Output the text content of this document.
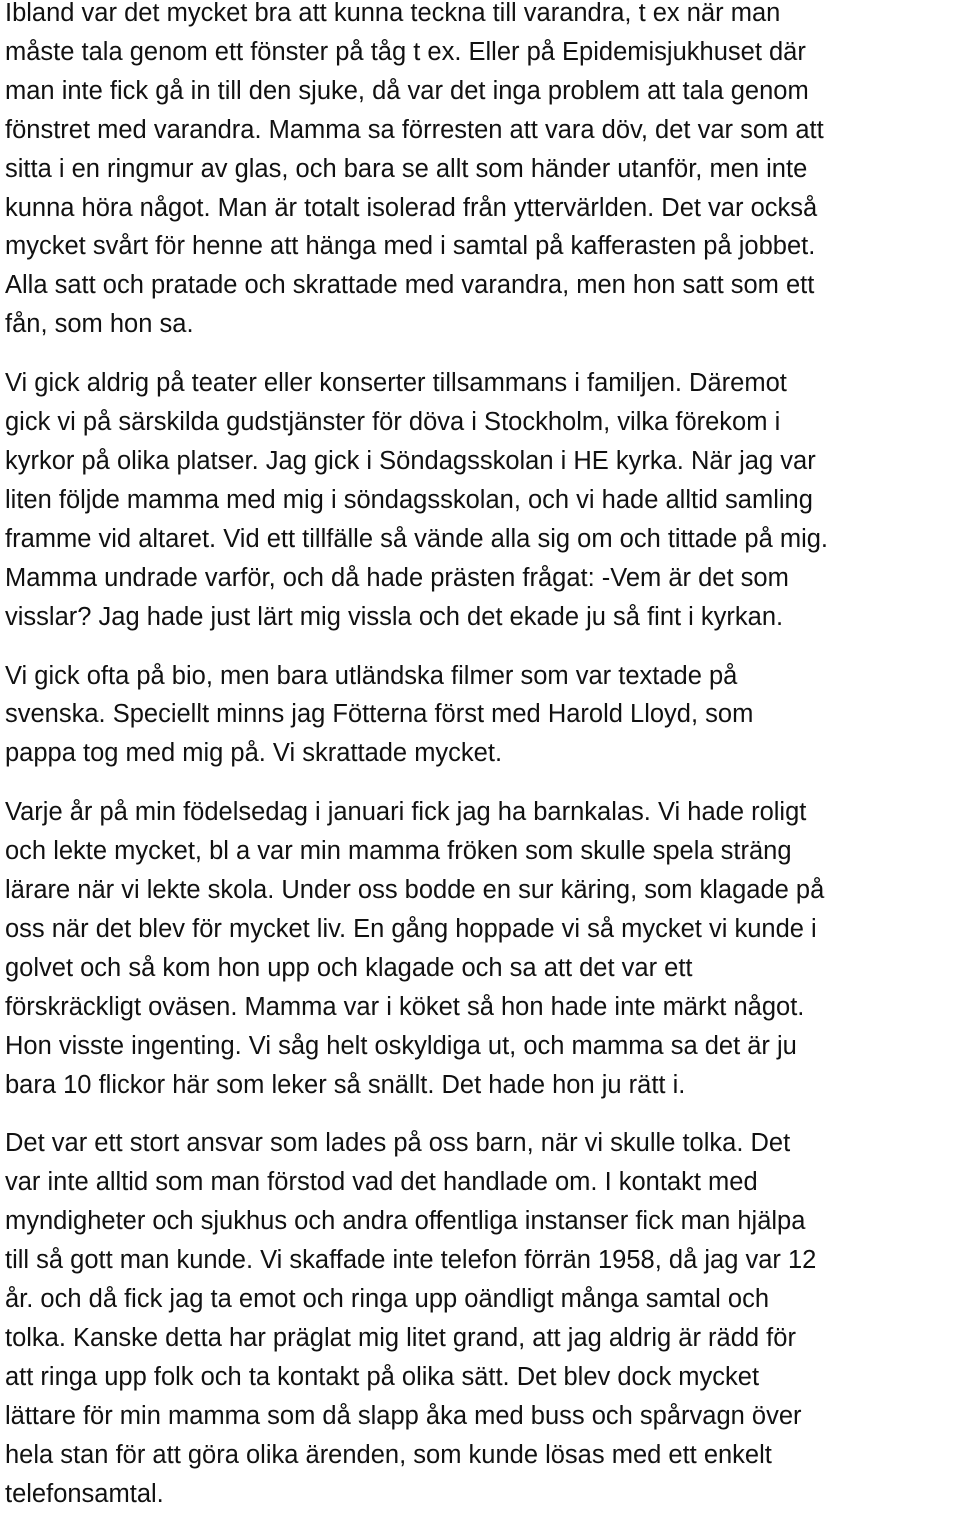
Ibland var det mycket bra att kunna teckna till varandra, t ex när man
måste tala genom ett fönster på tåg t ex. Eller på Epidemisjukhuset där
man inte fick gå in till den sjuke, då var det inga problem att tala genom
fönstret med varandra. Mamma sa förresten att vara döv, det var som att
sitta i en ringmur av glas, och bara se allt som händer utanför, men inte
kunna höra något. Man är totalt isolerad från yttervärlden. Det var också
mycket svårt för henne att hänga med i samtal på kafferasten på jobbet.
Alla satt och pratade och skrattade med varandra, men hon satt som ett
fån, som hon sa.

Vi gick aldrig på teater eller konserter tillsammans i familjen. Däremot
gick vi på särskilda gudstjänster för döva i Stockholm, vilka förekom i
kyrkor på olika platser. Jag gick i Söndagsskolan i HE kyrka. När jag var
liten följde mamma med mig i söndagsskolan, och vi hade alltid samling
framme vid altaret. Vid ett tillfälle så vände alla sig om och tittade på mig.
Mamma undrade varför, och då hade prästen frågat: -Vem är det som
visslar? Jag hade just lärt mig vissla och det ekade ju så fint i kyrkan.

Vi gick ofta på bio, men bara utländska filmer som var textade på
svenska. Speciellt minns jag Fötterna först med Harold Lloyd, som
pappa tog med mig på. Vi skrattade mycket.

Varje år på min födelsedag i januari fick jag ha barnkalas. Vi hade roligt
och lekte mycket, bl a var min mamma fröken som skulle spela sträng
lärare när vi lekte skola. Under oss bodde en sur käring, som klagade på
oss när det blev för mycket liv. En gång hoppade vi så mycket vi kunde i
golvet och så kom hon upp och klagade och sa att det var ett
förskräckligt oväsen. Mamma var i köket så hon hade inte märkt något.
Hon visste ingenting. Vi såg helt oskyldiga ut, och mamma sa det är ju
bara 10 flickor här som leker så snällt. Det hade hon ju rätt i.

Det var ett stort ansvar som lades på oss barn, när vi skulle tolka. Det
var inte alltid som man förstod vad det handlade om. I kontakt med
myndigheter och sjukhus och andra offentliga instanser fick man hjälpa
till så gott man kunde. Vi skaffade inte telefon förrän 1958, då jag var 12
år. och då fick jag ta emot och ringa upp oändligt många samtal och
tolka. Kanske detta har präglat mig litet grand, att jag aldrig är rädd för
att ringa upp folk och ta kontakt på olika sätt. Det blev dock mycket
lättare för min mamma som då slapp åka med buss och spårvagn över
hela stan för att göra olika ärenden, som kunde lösas med ett enkelt
telefonsamtal.
